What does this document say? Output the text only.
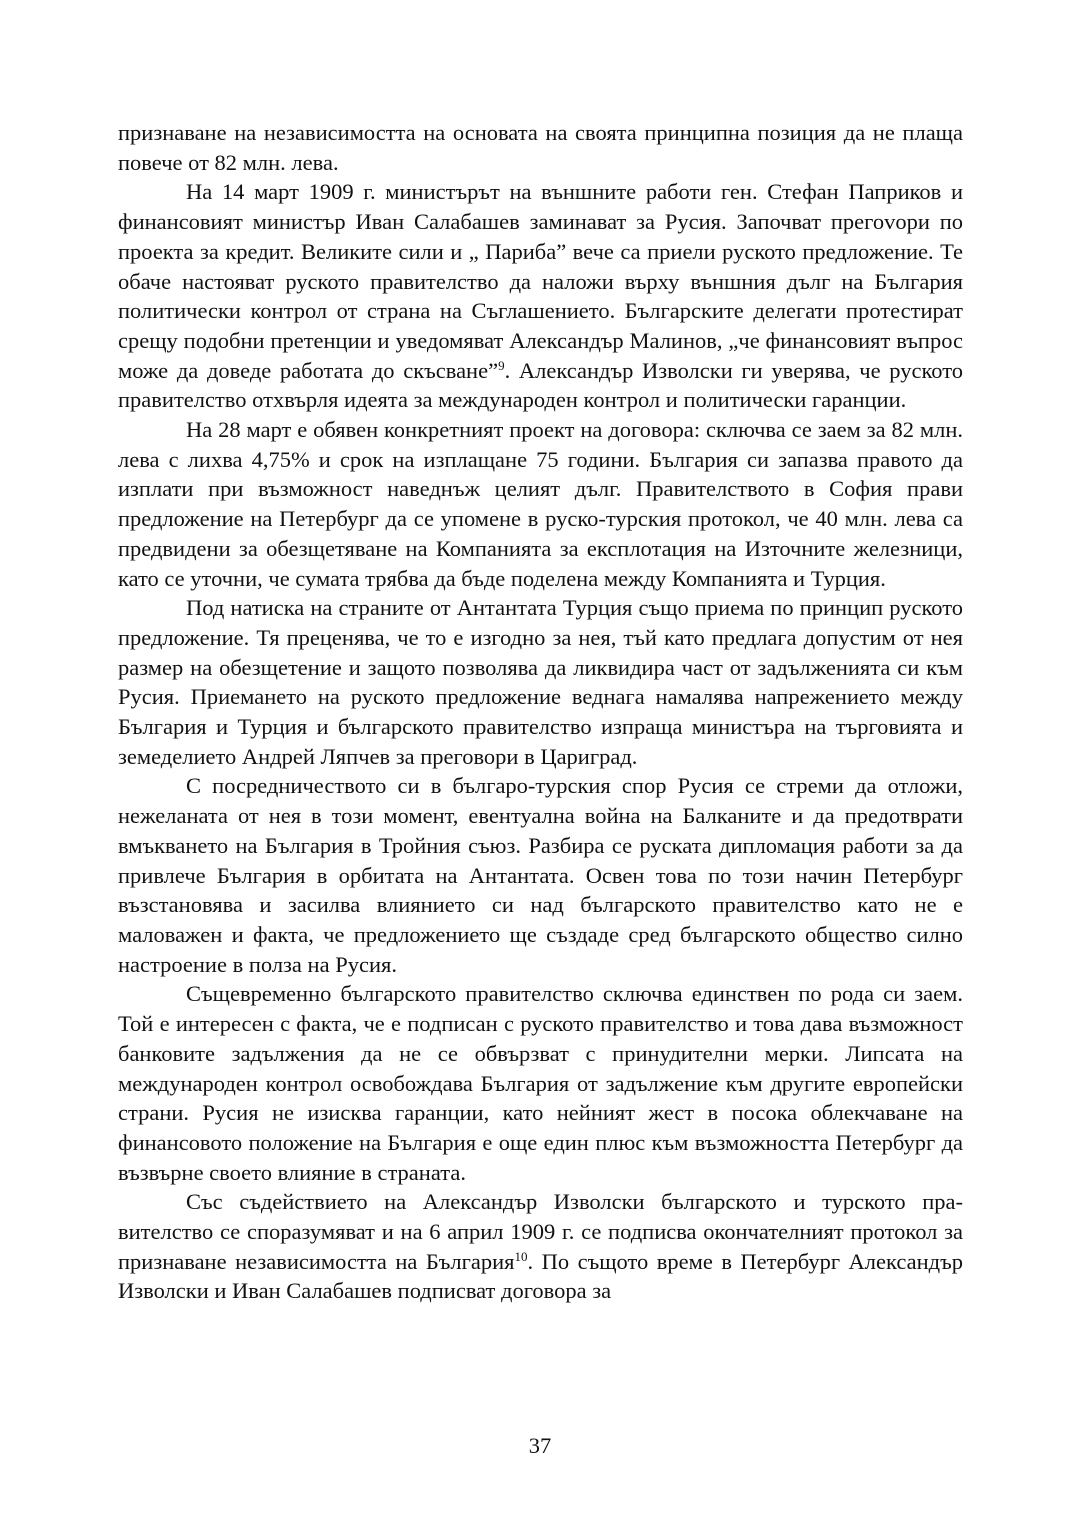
признаване на независимостта на основата на своята принципна позиция да не плаща повече от 82 млн. лева.

На 14 март 1909 г. министърът на външните работи ген. Стефан Паприков и финансовият министър Иван Салабашев заминават за Русия. Започват прегоvори по проекта за кредит. Великите сили и „ Париба” вече са приели руското предложение. Те обаче настояват руското правителство да наложи върху външния дълг на България политически контрол от страна на Съглашението. Българските делегати протестират срещу подобни претенции и уведомяват Александър Малинов, „че финансовият въпрос може да доведе работата до скъсване”$^9$. Александър Изволски ги уверява, че руското правителство отхвърля идеята за международен контрол и политически гаранции.

На 28 март е обявен конкретният проект на договора: сключва се заем за 82 млн. лева с лихва 4,75% и срок на изплащане 75 години. България си запазва правото да изплати при възможност наведнъж целият дълг. Правителството в София прави предложение на Петербург да се упомене в руско-турския протокол, че 40 млн. лева са предвидени за обезщетяване на Компанията за експлотация на Източните железници, като се уточни, че сумата трябва да бъде поделена между Компанията и Турция.

Под натиска на страните от Антантата Турция също приема по принцип руското предложение. Тя преценява, че то е изгодно за нея, тъй като предлага допустим от нея размер на обезщетение и защото позволява да ликвидира част от задълженията си към Русия. Приемането на руското предложение веднага намалява напрежението между България и Турция и българското правителство изпраща министъра на търговията и земеделието Андрей Ляпчев за преговори в Цариград.

С посредничеството си в българо-турския спор Русия се стреми да отложи, нежеланата от нея в този момент, евентуална война на Балканите и да предотврати вмъкването на България в Тройния съюз. Разбира се руската дипломация работи за да привлече България в орбитата на Антантата. Освен това по този начин Петербург възстановява и засилва влиянието си над българското правителство като не е маловажен и факта, че предложението ще създаде сред българското общество силно настроение в полза на Русия.

Същевременно българското правителство сключва единствен по рода си заем. Той е интересен с факта, че е подписан с руското правителство и това дава възможност банковите задължения да не се обвързват с принудителни мерки. Липсата на международен контрол освобождава България от задължение към другите европейски страни. Русия не изисква гаранции, като нейният жест в посока облекчаване на финансовото положение на България е още един плюс към възможността Петербург да възвърне своето влияние в страната.

Със съдействието на Александър Изволски българското и турското правителство се споразумяват и на 6 април 1909 г. се подписва окончателният протокол за признаване независимостта на България$^{10}$. По същото време в Петербург Александър Изволски и Иван Салабашев подписват договора за

37
